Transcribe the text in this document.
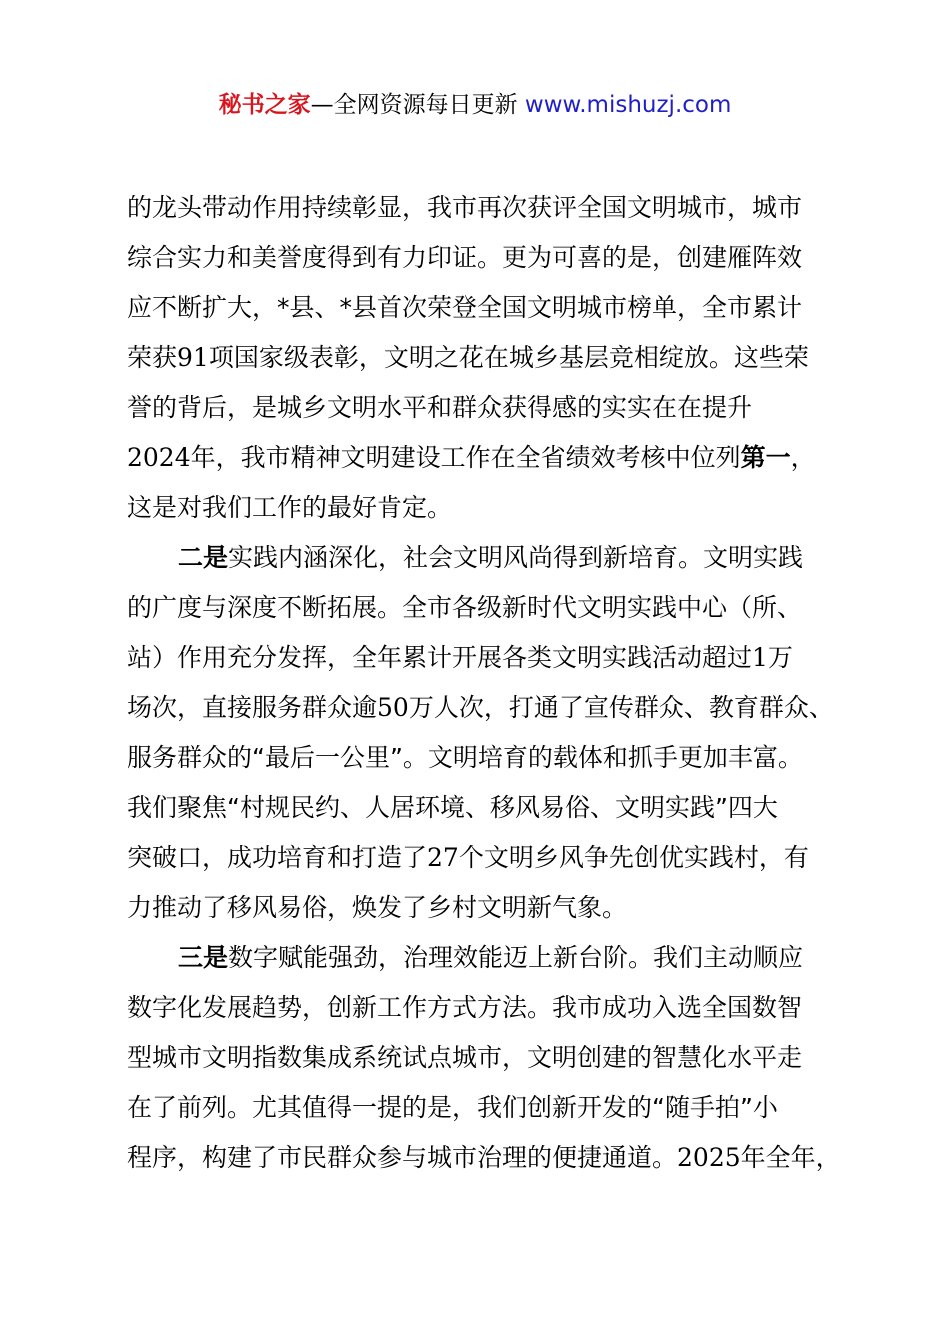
秘书之家—全网资源每日更新 www.mishuzj.com
的龙头带动作用持续彰显，我市再次获评全国文明城市，城市
综合实力和美誉度得到有力印证。更为可喜的是，创建雁阵效
应不断扩大，*县、*县首次荣登全国文明城市榜单，全市累计
荣获91项国家级表彰，文明之花在城乡基层竞相绽放。这些荣
誉的背后，是城乡文明水平和群众获得感的实实在在提升
2024年，我市精神文明建设工作在全省绩效考核中位列第一，
这是对我们工作的最好肯定。
二是实践内涵深化，社会文明风尚得到新培育。文明实践
的广度与深度不断拓展。全市各级新时代文明实践中心（所、
站）作用充分发挥，全年累计开展各类文明实践活动超过1万
场次，直接服务群众逾50万人次，打通了宣传群众、教育群众、
服务群众的“最后一公里”。文明培育的载体和抓手更加丰富。
我们聚焦“村规民约、人居环境、移风易俗、文明实践”四大
突破口，成功培育和打造了27个文明乡风争先创优实践村，有
力推动了移风易俗，焕发了乡村文明新气象。
三是数字赋能强劲，治理效能迈上新台阶。我们主动顺应
数字化发展趋势，创新工作方式方法。我市成功入选全国数智
型城市文明指数集成系统试点城市，文明创建的智慧化水平走
在了前列。尤其值得一提的是，我们创新开发的“随手拍”小
程序，构建了市民群众参与城市治理的便捷通道。2025年全年，
